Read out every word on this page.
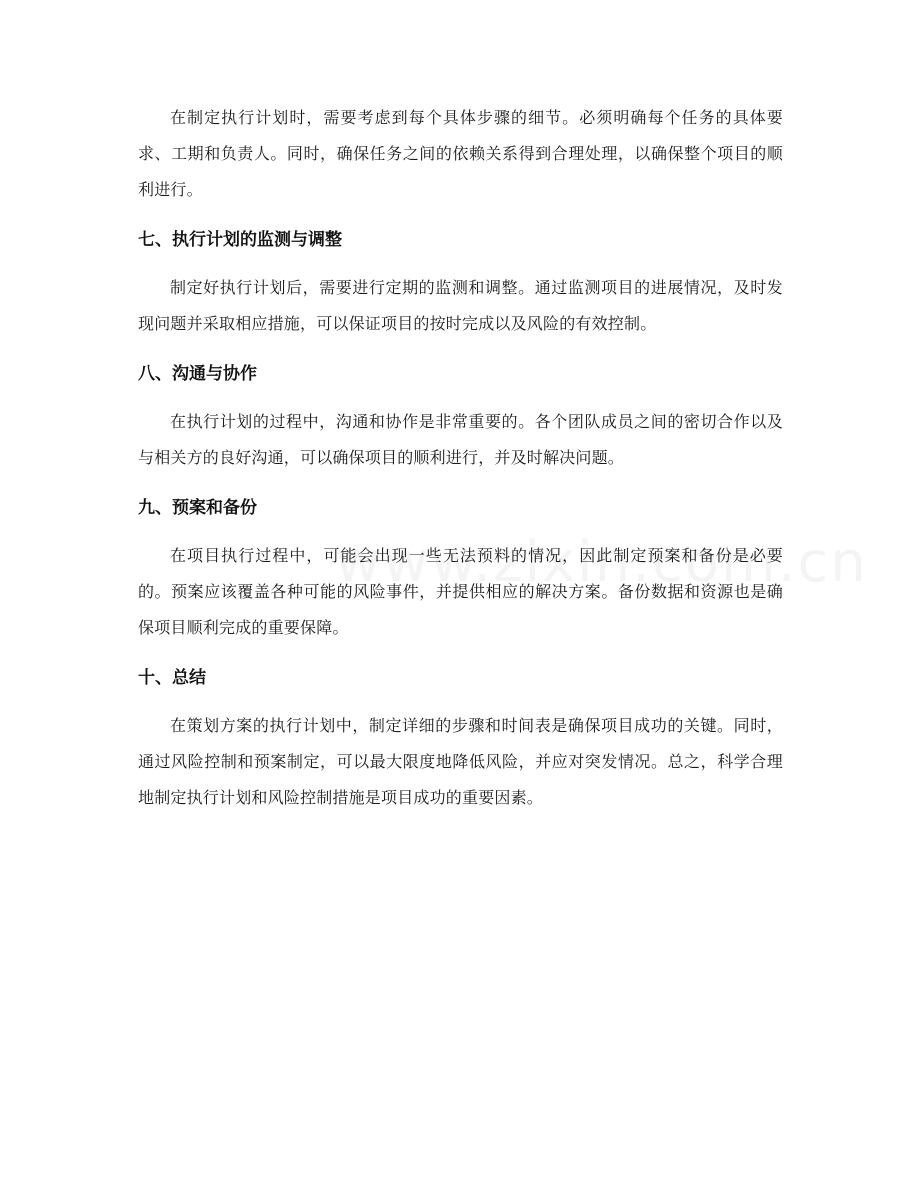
在制定执行计划时，需要考虑到每个具体步骤的细节。必须明确每个任务的具体要求、工期和负责人。同时，确保任务之间的依赖关系得到合理处理，以确保整个项目的顺利进行。

七、执行计划的监测与调整

制定好执行计划后，需要进行定期的监测和调整。通过监测项目的进展情况，及时发现问题并采取相应措施，可以保证项目的按时完成以及风险的有效控制。

八、沟通与协作

在执行计划的过程中，沟通和协作是非常重要的。各个团队成员之间的密切合作以及与相关方的良好沟通，可以确保项目的顺利进行，并及时解决问题。

九、预案和备份

在项目执行过程中，可能会出现一些无法预料的情况，因此制定预案和备份是必要的。预案应该覆盖各种可能的风险事件，并提供相应的解决方案。备份数据和资源也是确保项目顺利完成的重要保障。

十、总结

在策划方案的执行计划中，制定详细的步骤和时间表是确保项目成功的关键。同时，通过风险控制和预案制定，可以最大限度地降低风险，并应对突发情况。总之，科学合理地制定执行计划和风险控制措施是项目成功的重要因素。
